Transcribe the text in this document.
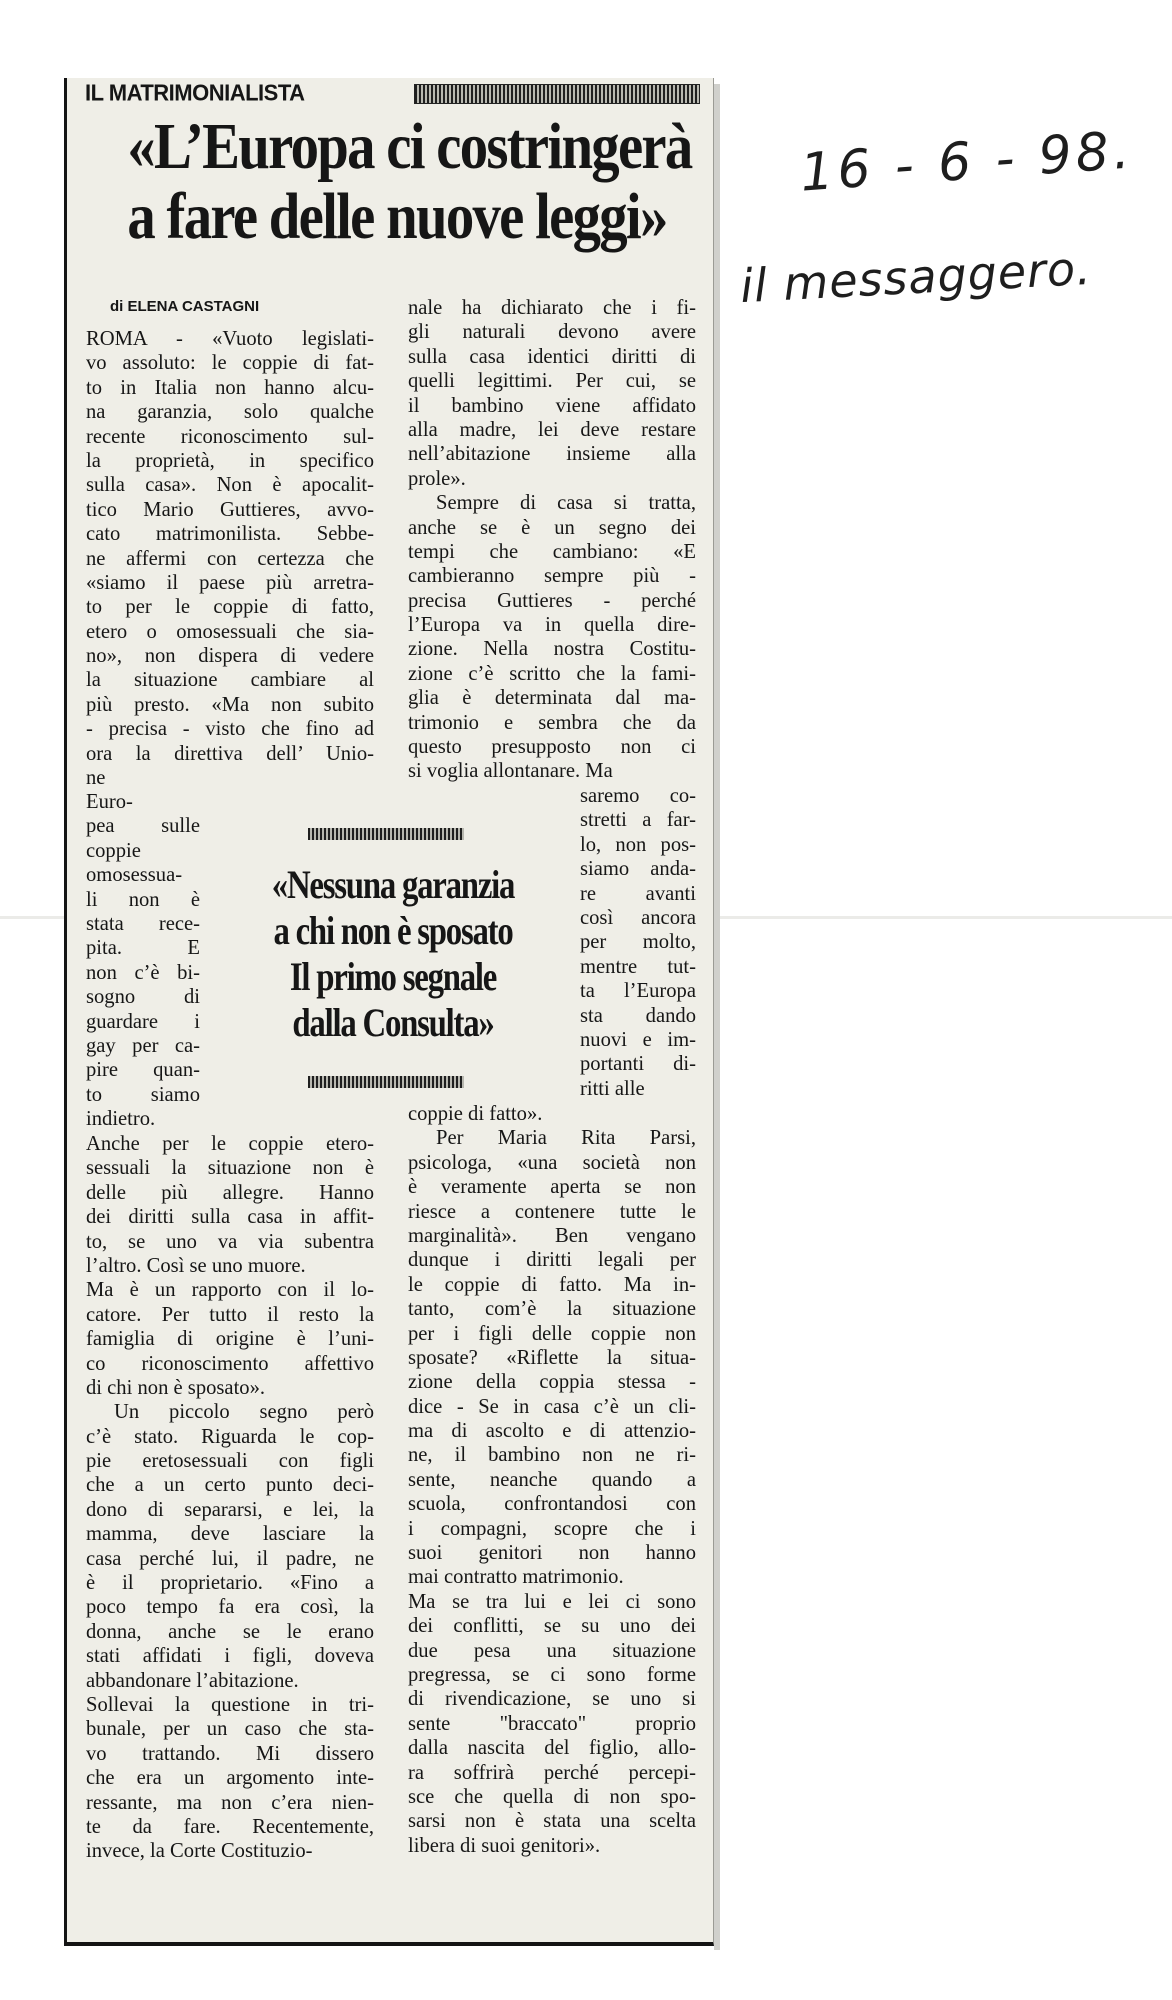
IL MATRIMONIALISTA
«L’Europa ci costringerà
a fare delle nuove leggi»
di ELENA CASTAGNI
ROMA - «Vuoto legislati-
vo assoluto: le coppie di fat-
to in Italia non hanno alcu-
na garanzia, solo qualche
recente riconoscimento sul-
la proprietà, in specifico
sulla casa». Non è apocalit-
tico Mario Guttieres, avvo-
cato matrimonilista. Sebbe-
ne affermi con certezza che
«siamo il paese più arretra-
to per le coppie di fatto,
etero o omosessuali che sia-
no», non dispera di vedere
la situazione cambiare al
più presto. «Ma non subito
- precisa - visto che fino ad
ora la direttiva dell’ Unio-
ne
Euro-
pea sulle
coppie
omosessua-
li non è
stata rece-
pita. E
non c’è bi-
sogno di
guardare i
gay per ca-
pire quan-
to siamo
indietro.
Anche per le coppie etero-
sessuali la situazione non è
delle più allegre. Hanno
dei diritti sulla casa in affit-
to, se uno va via subentra
l’altro. Così se uno muore.
Ma è un rapporto con il lo-
catore. Per tutto il resto la
famiglia di origine è l’uni-
co riconoscimento affettivo
di chi non è sposato».
Un piccolo segno però
c’è stato. Riguarda le cop-
pie eretosessuali con figli
che a un certo punto deci-
dono di separarsi, e lei, la
mamma, deve lasciare la
casa perché lui, il padre, ne
è il proprietario. «Fino a
poco tempo fa era così, la
donna, anche se le erano
stati affidati i figli, doveva
abbandonare l’abitazione.
Sollevai la questione in tri-
bunale, per un caso che sta-
vo trattando. Mi dissero
che era un argomento inte-
ressante, ma non c’era nien-
te da fare. Recentemente,
invece, la Corte Costituzio-
nale ha dichiarato che i fi-
gli naturali devono avere
sulla casa identici diritti di
quelli legittimi. Per cui, se
il bambino viene affidato
alla madre, lei deve restare
nell’abitazione insieme alla
prole».
Sempre di casa si tratta,
anche se è un segno dei
tempi che cambiano: «E
cambieranno sempre più -
precisa Guttieres - perché
l’Europa va in quella dire-
zione. Nella nostra Costitu-
zione c’è scritto che la fami-
glia è determinata dal ma-
trimonio e sembra che da
questo presupposto non ci
si voglia allontanare. Ma
saremo co-
stretti a far-
lo, non pos-
siamo anda-
re avanti
così ancora
per molto,
mentre tut-
ta l’Europa
sta dando
nuovi e im-
portanti di-
ritti alle
coppie di fatto».
Per Maria Rita Parsi,
psicologa, «una società non
è veramente aperta se non
riesce a contenere tutte le
marginalità». Ben vengano
dunque i diritti legali per
le coppie di fatto. Ma in-
tanto, com’è la situazione
per i figli delle coppie non
sposate? «Riflette la situa-
zione della coppia stessa -
dice - Se in casa c’è un cli-
ma di ascolto e di attenzio-
ne, il bambino non ne ri-
sente, neanche quando a
scuola, confrontandosi con
i compagni, scopre che i
suoi genitori non hanno
mai contratto matrimonio.
Ma se tra lui e lei ci sono
dei conflitti, se su uno dei
due pesa una situazione
pregressa, se ci sono forme
di rivendicazione, se uno si
sente "braccato" proprio
dalla nascita del figlio, allo-
ra soffrirà perché percepi-
sce che quella di non spo-
sarsi non è stata una scelta
libera di suoi genitori».
«Nessuna garanzia
a chi non è sposato
Il primo segnale
dalla Consulta»
16 - 6 - 98.
il messaggero.
